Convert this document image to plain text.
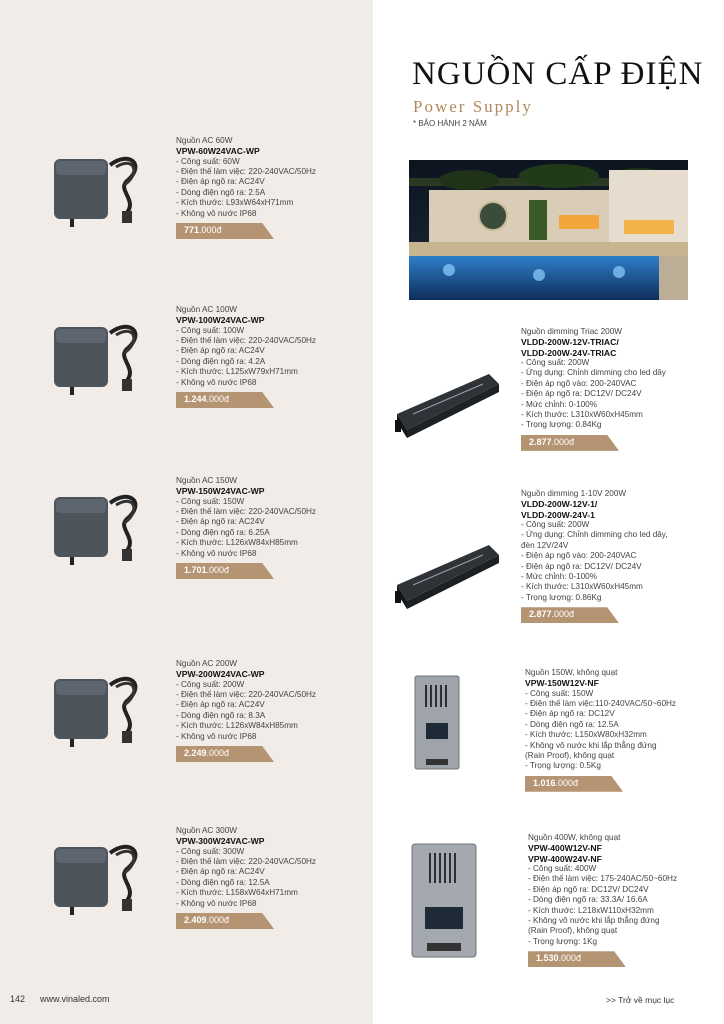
NGUỒN CẤP ĐIỆN
Power Supply
* BẢO HÀNH 2 NĂM
Nguồn AC 60W
VPW-60W24VAC-WP
- Công suất: 60W
- Điện thế làm việc: 220-240VAC/50Hz
- Điện áp ngõ ra: AC24V
- Dòng điện ngõ ra: 2.5A
- Kích thước: L93xW64xH71mm
- Không vô nước IP68
771.000đ
Nguồn AC 100W
VPW-100W24VAC-WP
- Công suất: 100W
- Điện thế làm việc: 220-240VAC/50Hz
- Điện áp ngõ ra: AC24V
- Dòng điện ngõ ra: 4.2A
- Kích thước: L125xW79xH71mm
- Không vô nước IP68
1.244.000đ
Nguồn AC 150W
VPW-150W24VAC-WP
- Công suất: 150W
- Điện thế làm việc: 220-240VAC/50Hz
- Điện áp ngõ ra: AC24V
- Dòng điện ngõ ra: 6.25A
- Kích thước: L126xW84xH85mm
- Không vô nước IP68
1.701.000đ
Nguồn AC 200W
VPW-200W24VAC-WP
- Công suất: 200W
- Điện thế làm việc: 220-240VAC/50Hz
- Điện áp ngõ ra: AC24V
- Dòng điện ngõ ra: 8.3A
- Kích thước: L126xW84xH85mm
- Không vô nước IP68
2.249.000đ
Nguồn AC 300W
VPW-300W24VAC-WP
- Công suất: 300W
- Điện thế làm việc: 220-240VAC/50Hz
- Điện áp ngõ ra: AC24V
- Dòng điện ngõ ra: 12.5A
- Kích thước: L158xW64xH71mm
- Không vô nước IP68
2.409.000đ
Nguồn dimming Triac 200W
VLDD-200W-12V-TRIAC/
VLDD-200W-24V-TRIAC
- Công suất: 200W
- Ứng dụng: Chỉnh dimming cho led dây
- Điện áp ngõ vào: 200-240VAC
- Điện áp ngõ ra: DC12V/ DC24V
- Mức chỉnh: 0-100%
- Kích thước: L310xW60xH45mm
- Trọng lượng: 0.84Kg
2.877.000đ
Nguồn dimming 1-10V 200W
VLDD-200W-12V-1/
VLDD-200W-24V-1
- Công suất: 200W
- Ứng dụng: Chỉnh dimming cho led dây,
đèn 12V/24V
- Điện áp ngõ vào: 200-240VAC
- Điện áp ngõ ra: DC12V/ DC24V
- Mức chỉnh: 0-100%
- Kích thước: L310xW60xH45mm
- Trọng lượng: 0.86Kg
2.877.000đ
Nguồn 150W, không quạt
VPW-150W12V-NF
- Công suất: 150W
- Điện thế làm việc:110-240VAC/50~60Hz
- Điện áp ngõ ra: DC12V
- Dòng điện ngõ ra: 12.5A
- Kích thước: L150xW80xH32mm
- Không vô nước khi lắp thẳng đứng
(Rain Proof), không quạt
- Trọng lượng: 0.5Kg
1.016.000đ
Nguồn 400W, không quạt
VPW-400W12V-NF
VPW-400W24V-NF
- Công suất: 400W
- Điện thế làm việc: 175-240AC/50~60Hz
- Điện áp ngõ ra: DC12V/ DC24V
- Dòng điện ngõ ra: 33.3A/ 16.6A
- Kích thước: L218xW110xH32mm
- Không vô nước khi lắp thẳng đứng
(Rain Proof), không quạt
- Trọng lượng: 1Kg
1.530.000đ
142 www.vinaled.com	>> Trở về mục lục
